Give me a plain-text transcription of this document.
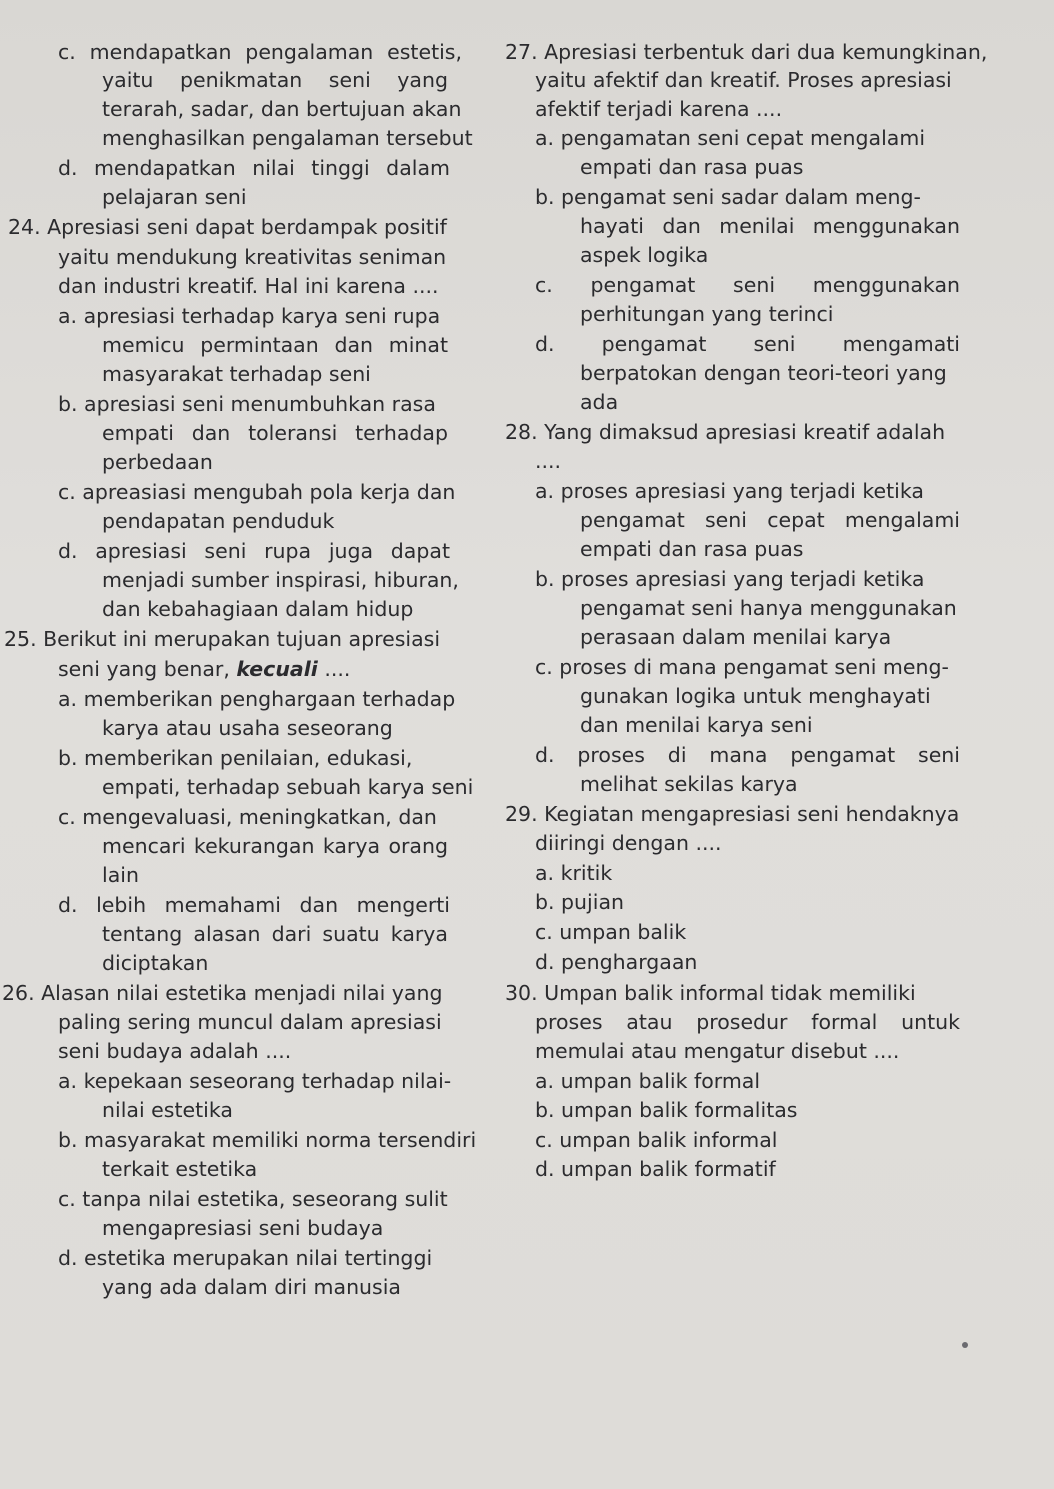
c. mendapatkan pengalaman estetis,
yaitu penikmatan seni yang
terarah, sadar, dan bertujuan akan
menghasilkan pengalaman tersebut
d. mendapatkan nilai tinggi dalam
pelajaran seni
24. Apresiasi seni dapat berdampak positif
yaitu mendukung kreativitas seniman
dan industri kreatif. Hal ini karena ....
a. apresiasi terhadap karya seni rupa
memicu permintaan dan minat
masyarakat terhadap seni
b. apresiasi seni menumbuhkan rasa
empati dan toleransi terhadap
perbedaan
c. apreasiasi mengubah pola kerja dan
pendapatan penduduk
d. apresiasi seni rupa juga dapat
menjadi sumber inspirasi, hiburan,
dan kebahagiaan dalam hidup
25. Berikut ini merupakan tujuan apresiasi
seni yang benar, kecuali ....
a. memberikan penghargaan terhadap
karya atau usaha seseorang
b. memberikan penilaian, edukasi,
empati, terhadap sebuah karya seni
c. mengevaluasi, meningkatkan, dan
mencari kekurangan karya orang
lain
d. lebih memahami dan mengerti
tentang alasan dari suatu karya
diciptakan
26. Alasan nilai estetika menjadi nilai yang
paling sering muncul dalam apresiasi
seni budaya adalah ....
a. kepekaan seseorang terhadap nilai-
nilai estetika
b. masyarakat memiliki norma tersendiri
terkait estetika
c. tanpa nilai estetika, seseorang sulit
mengapresiasi seni budaya
d. estetika merupakan nilai tertinggi
yang ada dalam diri manusia
27. Apresiasi terbentuk dari dua kemungkinan,
yaitu afektif dan kreatif. Proses apresiasi
afektif terjadi karena ....
a. pengamatan seni cepat mengalami
empati dan rasa puas
b. pengamat seni sadar dalam meng-
hayati dan menilai menggunakan
aspek logika
c. pengamat seni menggunakan
perhitungan yang terinci
d. pengamat seni mengamati
berpatokan dengan teori-teori yang
ada
28. Yang dimaksud apresiasi kreatif adalah
....
a. proses apresiasi yang terjadi ketika
pengamat seni cepat mengalami
empati dan rasa puas
b. proses apresiasi yang terjadi ketika
pengamat seni hanya menggunakan
perasaan dalam menilai karya
c. proses di mana pengamat seni meng-
gunakan logika untuk menghayati
dan menilai karya seni
d. proses di mana pengamat seni
melihat sekilas karya
29. Kegiatan mengapresiasi seni hendaknya
diiringi dengan ....
a. kritik
b. pujian
c. umpan balik
d. penghargaan
30. Umpan balik informal tidak memiliki
proses atau prosedur formal untuk
memulai atau mengatur disebut ....
a. umpan balik formal
b. umpan balik formalitas
c. umpan balik informal
d. umpan balik formatif
